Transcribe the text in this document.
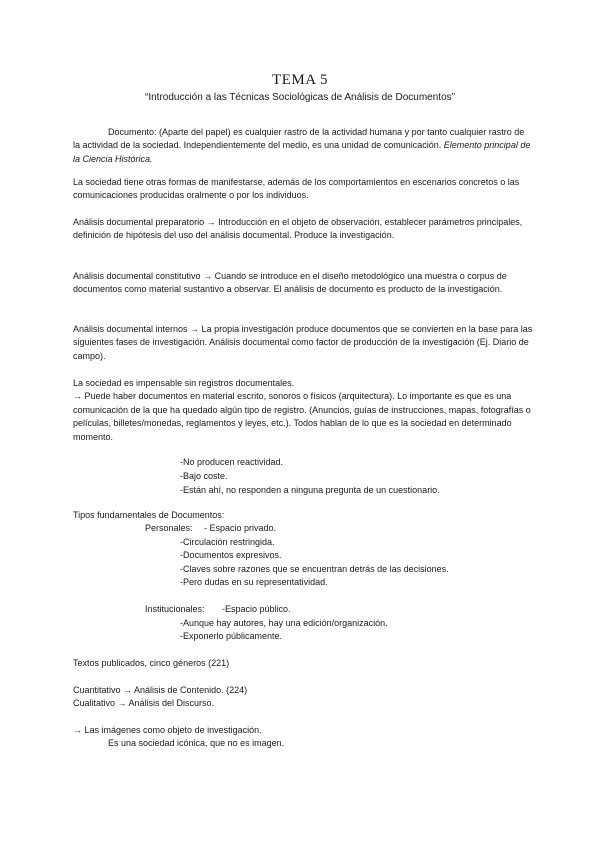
TEMA 5
“Introducción a las Técnicas Sociológicas de Análisis de Documentos”
Documento: (Aparte del papel) es cualquier rastro de la actividad humana y por tanto cualquier rastro de la actividad de la sociedad. Independientemente del medio, es una unidad de comunicación. Elemento principal de la Ciencia Histórica.
La sociedad tiene otras formas de manifestarse, además de los comportamientos en escenarios concretos o las comunicaciones producidas oralmente o por los individuos.
Análisis documental preparatorio → Introducción en el objeto de observación, establecer parámetros principales, definición de hipótesis del uso del análisis documental. Produce la investigación.
Análisis documental constitutivo → Cuando se introduce en el diseño metodológico una muestra o corpus de documentos como material sustantivo a observar. El análisis de documento es producto de la investigación.
Análisis documental internos → La propia investigación produce documentos que se convierten en la base para las siguientes fases de investigación. Análisis documental como factor de producción de la investigación (Ej. Diario de campo).
La sociedad es impensable sin registros documentales.
→ Puede haber documentos en material escrito, sonoros o físicos (arquitectura). Lo importante es que es una comunicación de la que ha quedado algún tipo de registro. (Anuncios, guías de instrucciones, mapas, fotografías o películas, billetes/monedas, reglamentos y leyes, etc.). Todos hablan de lo que es la sociedad en determinado momento.
-No producen reactividad.
-Bajo coste.
-Están ahí, no responden a ninguna pregunta de un cuestionario.
Tipos fundamentales de Documentos:
Personales: - Espacio privado.
-Circulación restringida.
-Documentos expresivos.
-Claves sobre razones que se encuentran detrás de las decisiones.
-Pero dudas en su representatividad.
Institucionales: -Espacio público.
-Aunque hay autores, hay una edición/organización.
-Exponerlo públicamente.
Textos publicados, cinco géneros (221)
Cuantitativo → Análisis de Contenido. (224)
Cualitativo → Análisis del Discurso.
→ Las imágenes como objeto de investigación.
Es una sociedad icónica, que no es imagen.
